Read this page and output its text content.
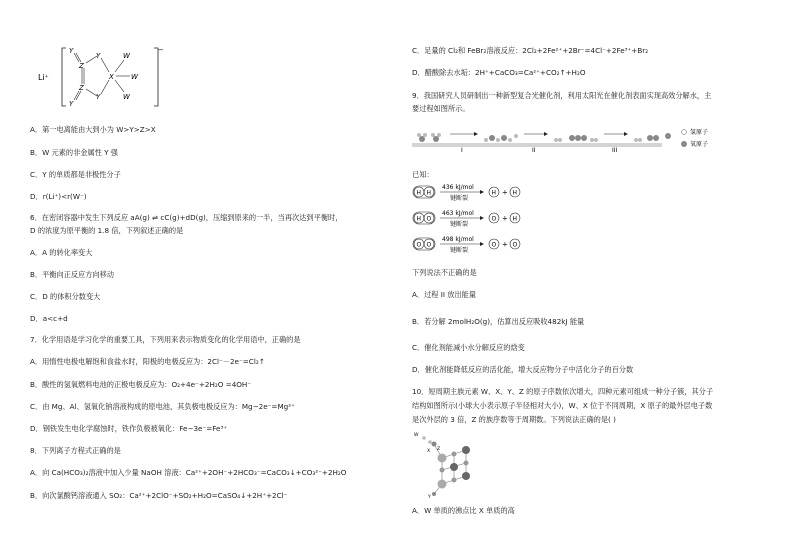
Li⁺
−
Y
Z
Y
X
W
W
W
Z
Y
Y
A．第一电离能由大到小为 W>Y>Z>X
B．W 元素的非金属性 Y 强
C．Y 的单质都是非极性分子
D．r(Li⁺)<r(W⁻)
6．在密闭容器中发生下列反应 aA(g) ⇌ cC(g)+dD(g)，压缩到原来的一半，当再次达到平衡时，
D 的浓度为原平衡的 1.8 倍，下列叙述正确的是
A．A 的转化率变大
B．平衡向正反应方向移动
C．D 的体积分数变大
D．a<c+d
7．化学用语是学习化学的重要工具，下列用来表示物质变化的化学用语中，正确的是
A．用惰性电极电解饱和食盐水时，阳极的电极反应为：2Cl⁻－2e⁻=Cl₂↑
B．酸性的氢氧燃料电池的正极电极反应为：O₂+4e⁻+2H₂O =4OH⁻
C．由 Mg、Al、氢氧化钠溶液构成的原电池，其负极电极反应为：Mg−2e⁻=Mg²⁺
D．钢铁发生电化学腐蚀时，铁作负极被氧化：Fe−3e⁻=Fe³⁺
8．下列离子方程式正确的是
A．向 Ca(HCO₃)₂溶液中加入少量 NaOH 溶液：Ca²⁺+2OH⁻+2HCO₃⁻=CaCO₃↓+CO₃²⁻+2H₂O
B．向次氯酸钙溶液通入 SO₂：Ca²⁺+2ClO⁻+SO₂+H₂O=CaSO₄↓+2H⁺+2Cl⁻
C．足量的 Cl₂和 FeBr₂溶液反应：2Cl₂+2Fe²⁺+2Br⁻=4Cl⁻+2Fe³⁺+Br₂
D．醋酸除去水垢：2H⁺+CaCO₃=Ca²⁺+CO₂↑+H₂O
9．我国研究人员研制出一种新型复合光催化剂，利用太阳光在催化剂表面实现高效分解水，主
要过程如图所示。
I	II	III
氢原子
氧原子
已知：
H H
436 kJ/mol
键断裂
H + H
H O
463 kJ/mol
键断裂
O + H
O O
498 kJ/mol
键断裂
O + O
下列说法不正确的是
A．过程 II 放出能量
B．若分解 2molH₂O(g)，估算出反应吸收482kJ 能量
C．催化剂能减小水分解反应的焓变
D．催化剂能降低反应的活化能，增大反应物分子中活化分子的百分数
10．短周期主族元素 W、X、Y、Z 的原子序数依次增大，四种元素可组成一种分子簇，其分子
结构如图所示(小球大小表示原子半径相对大小)，W、X 位于不同周期，X 原子的最外层电子数
是次外层的 3 倍，Z 的族序数等于周期数。下列说法正确的是( )
W
X Z
Y
A．W 单质的沸点比 X 单质的高
